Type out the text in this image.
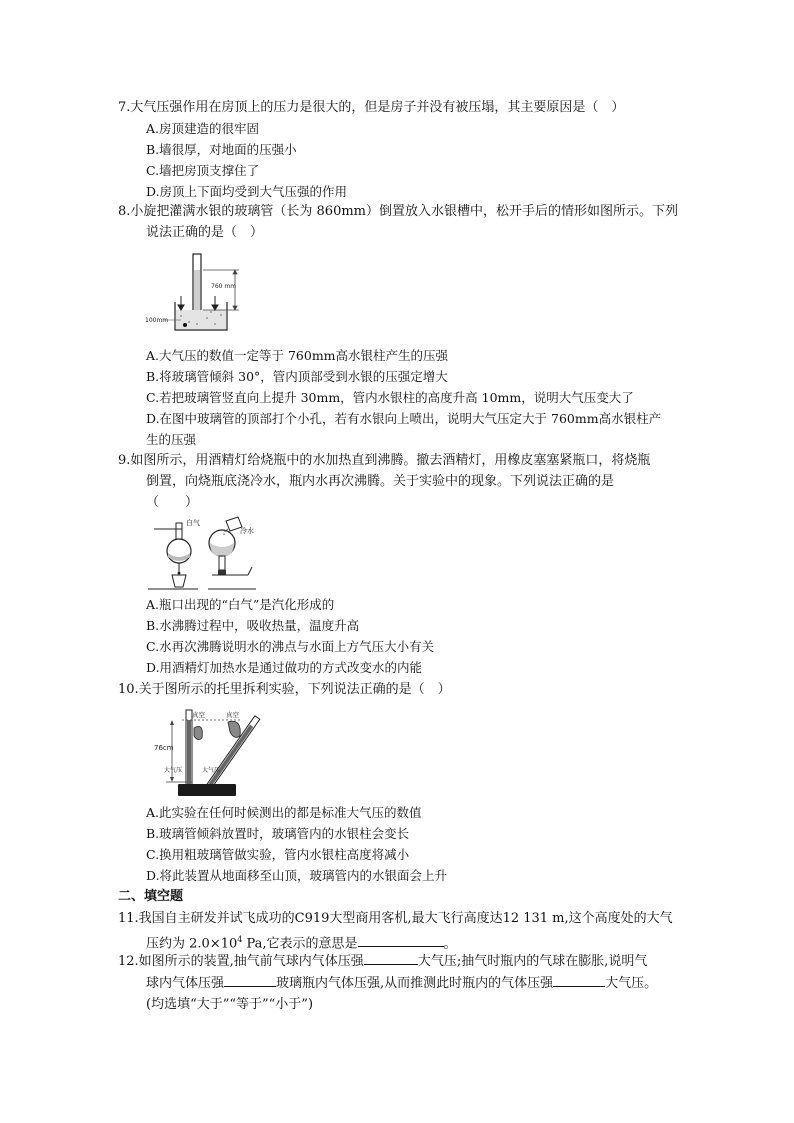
7.大气压强作用在房顶上的压力是很大的，但是房子并没有被压塌，其主要原因是（　）

A.房顶建造的很牢固
B.墙很厚，对地面的压强小
C.墙把房顶支撑住了
D.房顶上下面均受到大气压强的作用

8.小旋把灌满水银的玻璃管（长为 860mm）倒置放入水银槽中，松开手后的情形如图所示。下列

说法正确的是（　）

760 mm
100mm
A.大气压的数值一定等于 760mm高水银柱产生的压强
B.将玻璃管倾斜 30°，管内顶部受到水银的压强定增大
C.若把玻璃管竖直向上提升 30mm，管内水银柱的高度升高 10mm，说明大气压变大了
D.在图中玻璃管的顶部打个小孔，若有水银向上喷出，说明大气压定大于 760mm高水银柱产
生的压强

9.如图所示，用酒精灯给烧瓶中的水加热直到沸腾。撤去酒精灯，用橡皮塞塞紧瓶口，将烧瓶

倒置，向烧瓶底浇冷水，瓶内水再次沸腾。关于实验中的现象。下列说法正确的是

（　　）

白气
冷水
A.瓶口出现的“白气”是汽化形成的
B.水沸腾过程中，吸收热量，温度升高
C.水再次沸腾说明水的沸点与水面上方气压大小有关
D.用酒精灯加热水是通过做功的方式改变水的内能

10.关于图所示的托里拆利实验，下列说法正确的是（　）

76cm
真空	真空
大气压	大气压
A.此实验在任何时候测出的都是标准大气压的数值
B.玻璃管倾斜放置时，玻璃管内的水银柱会变长
C.换用粗玻璃管做实验，管内水银柱高度将减小
D.将此装置从地面移至山顶，玻璃管内的水银面会上升
二、填空题

11.我国自主研发并试飞成功的C919大型商用客机,最大飞行高度达12 131 m,这个高度处的大气

压约为 $2.0\times 10^4$ Pa,它表示的意思是	。

12.如图所示的装置,抽气前气球内气体压强	大气压;抽气时瓶内的气球在膨胀,说明气

球内气体压强	玻璃瓶内气体压强,从而推测此时瓶内的气体压强	大气压。

(均选填“大于”“等于”“小于”)
